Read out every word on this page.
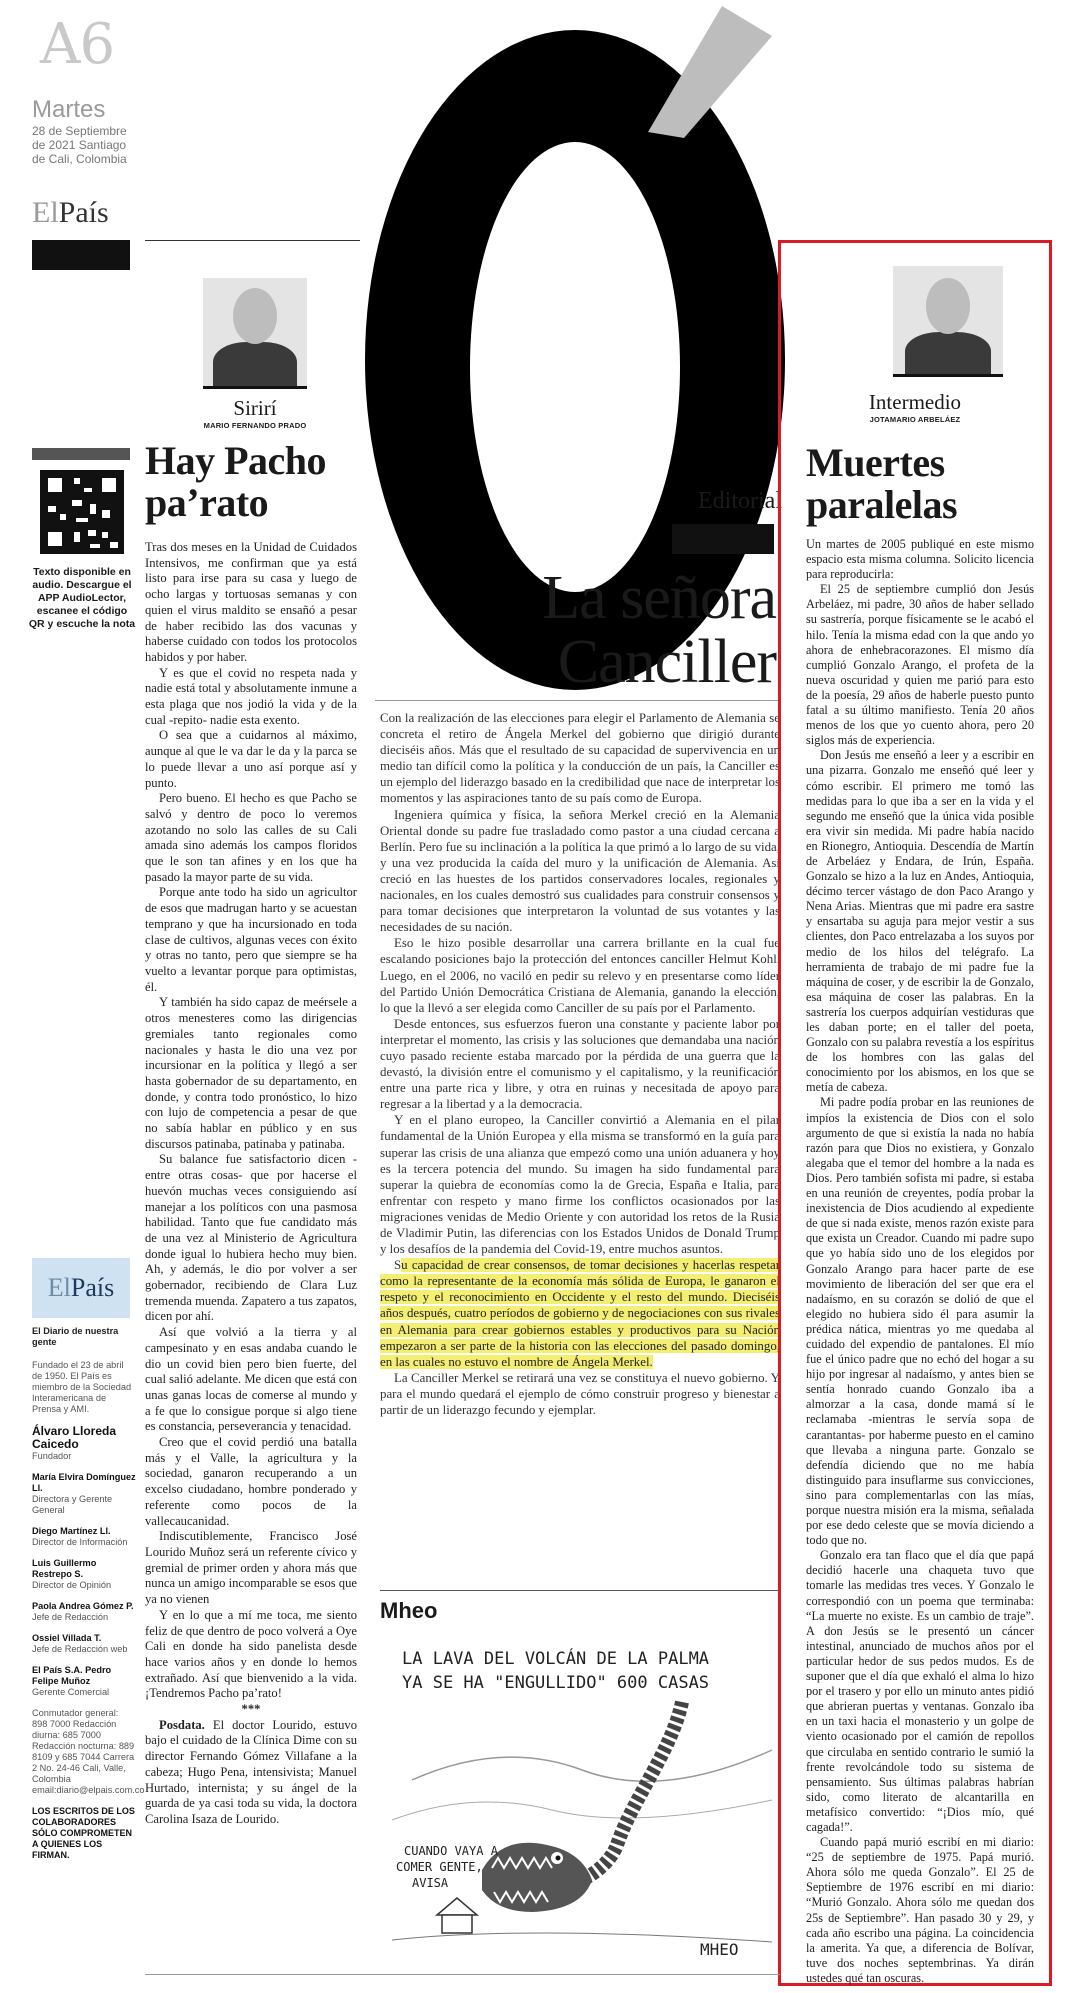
A6
Martes
28 de Septiembre de 2021 Santiago de Cali, Colombia
ElPaís
Texto disponible en audio. Descargue el APP AudioLector, escanee el código QR y escuche la nota
El País
El Diario de nuestra gente
Fundado el 23 de abril de 1950. El País es miembro de la Sociedad Interamericana de Prensa y AMI.
Álvaro Lloreda Caicedo
Fundador
María Elvira Domínguez Ll.
Directora y Gerente General
Diego Martínez Ll.
Director de Información
Luis Guillermo Restrepo S.
Director de Opinión
Paola Andrea Gómez P.
Jefe de Redacción
Ossiel Villada T.
Jefe de Redacción web
El País S.A. Pedro Felipe Muñoz
Gerente Comercial
Conmutador general: 898 7000 Redacción diurna: 685 7000 Redacción nocturna: 889 8109 y 685 7044 Carrera 2 No. 24-46 Cali, Valle, Colombia email:diario@elpais.com.co
LOS ESCRITOS DE LOS COLABORADORES SÓLO COMPROMETEN A QUIENES LOS FIRMAN.
Sirirí
MARIO FERNANDO PRADO
Hay Pacho pa’rato

Tras dos meses en la Unidad de Cuidados Intensivos, me confirman que ya está listo para irse para su casa y luego de ocho largas y tortuosas semanas y con quien el virus maldito se ensañó a pesar de haber recibido las dos vacunas y haberse cuidado con todos los protocolos habidos y por haber.

Y es que el covid no respeta nada y nadie está total y absolutamente inmune a esta plaga que nos jodió la vida y de la cual -repito- nadie esta exento.

O sea que a cuidarnos al máximo, aunque al que le va dar le da y la parca se lo puede llevar a uno así porque así y punto.

Pero bueno. El hecho es que Pacho se salvó y dentro de poco lo veremos azotando no solo las calles de su Cali amada sino además los campos floridos que le son tan afines y en los que ha pasado la mayor parte de su vida.

Porque ante todo ha sido un agricultor de esos que madrugan harto y se acuestan temprano y que ha incursionado en toda clase de cultivos, algunas veces con éxito y otras no tanto, pero que siempre se ha vuelto a levantar porque para optimistas, él.

Y también ha sido capaz de meérsele a otros menesteres como las dirigencias gremiales tanto regionales como nacionales y hasta le dio una vez por incursionar en la política y llegó a ser hasta gobernador de su departamento, en donde, y contra todo pronóstico, lo hizo con lujo de competencia a pesar de que no sabía hablar en público y en sus discursos patinaba, patinaba y patinaba.

Su balance fue satisfactorio dicen -entre otras cosas- que por hacerse el huevón muchas veces consiguiendo así manejar a los políticos con una pasmosa habilidad. Tanto que fue candidato más de una vez al Ministerio de Agricultura donde igual lo hubiera hecho muy bien. Ah, y además, le dio por volver a ser gobernador, recibiendo de Clara Luz tremenda muenda. Zapatero a tus zapatos, dicen por ahí.

Así que volvió a la tierra y al campesinato y en esas andaba cuando le dio un covid bien pero bien fuerte, del cual salió adelante. Me dicen que está con unas ganas locas de comerse al mundo y a fe que lo consigue porque si algo tiene es constancia, perseverancia y tenacidad.

Creo que el covid perdió una batalla más y el Valle, la agricultura y la sociedad, ganaron recuperando a un excelso ciudadano, hombre ponderado y referente como pocos de la vallecaucanidad.

Indiscutiblemente, Francisco José Lourido Muñoz será un referente cívico y gremial de primer orden y ahora más que nunca un amigo incomparable se esos que ya no vienen

Y en lo que a mí me toca, me siento feliz de que dentro de poco volverá a Oye Cali en donde ha sido panelista desde hace varios años y en donde lo hemos extrañado. Así que bienvenido a la vida. ¡Tendremos Pacho pa’rato!

***

Posdata. El doctor Lourido, estuvo bajo el cuidado de la Clínica Dime con su director Fernando Gómez Villafane a la cabeza; Hugo Pena, intensivista; Manuel Hurtado, internista; y su ángel de la guarda de ya casi toda su vida, la doctora Carolina Isaza de Lourido.

Editorial
La señora
Canciller

Con la realización de las elecciones para elegir el Parlamento de Alemania se concreta el retiro de Ángela Merkel del gobierno que dirigió durante dieciséis años. Más que el resultado de su capacidad de supervivencia en un medio tan difícil como la política y la conducción de un país, la Canciller es un ejemplo del liderazgo basado en la credibilidad que nace de interpretar los momentos y las aspiraciones tanto de su país como de Europa.

Ingeniera química y física, la señora Merkel creció en la Alemania Oriental donde su padre fue trasladado como pastor a una ciudad cercana a Berlín. Pero fue su inclinación a la política la que primó a lo largo de su vida, y una vez producida la caída del muro y la unificación de Alemania. Así creció en las huestes de los partidos conservadores locales, regionales y nacionales, en los cuales demostró sus cualidades para construir consensos y para tomar decisiones que interpretaron la voluntad de sus votantes y las necesidades de su nación.

Eso le hizo posible desarrollar una carrera brillante en la cual fue escalando posiciones bajo la protección del entonces canciller Helmut Kohl. Luego, en el 2006, no vaciló en pedir su relevo y en presentarse como líder del Partido Unión Democrática Cristiana de Alemania, ganando la elección, lo que la llevó a ser elegida como Canciller de su país por el Parlamento.

Desde entonces, sus esfuerzos fueron una constante y paciente labor por interpretar el momento, las crisis y las soluciones que demandaba una nación cuyo pasado reciente estaba marcado por la pérdida de una guerra que la devastó, la división entre el comunismo y el capitalismo, y la reunificación entre una parte rica y libre, y otra en ruinas y necesitada de apoyo para regresar a la libertad y a la democracia.

Y en el plano europeo, la Canciller convirtió a Alemania en el pilar fundamental de la Unión Europea y ella misma se transformó en la guía para superar las crisis de una alianza que empezó como una unión aduanera y hoy es la tercera potencia del mundo. Su imagen ha sido fundamental para superar la quiebra de economías como la de Grecia, España e Italia, para enfrentar con respeto y mano firme los conflictos ocasionados por las migraciones venidas de Medio Oriente y con autoridad los retos de la Rusia de Vladimir Putin, las diferencias con los Estados Unidos de Donald Trump y los desafíos de la pandemia del Covid-19, entre muchos asuntos.

Su capacidad de crear consensos, de tomar decisiones y hacerlas respetar como la representante de la economía más sólida de Europa, le ganaron el respeto y el reconocimiento en Occidente y el resto del mundo. Dieciséis años después, cuatro períodos de gobierno y de negociaciones con sus rivales en Alemania para crear gobiernos estables y productivos para su Nación empezaron a ser parte de la historia con las elecciones del pasado domingo, en las cuales no estuvo el nombre de Ángela Merkel.

La Canciller Merkel se retirará una vez se constituya el nuevo gobierno. Y para el mundo quedará el ejemplo de cómo construir progreso y bienestar a partir de un liderazgo fecundo y ejemplar.

Mheo
LA LAVA DEL VOLCÁN DE LA PALMA
YA SE HA "ENGULLIDO" 600 CASAS
CUANDO VAYA A
COMER GENTE,
AVISA
MHEO
Intermedio
JOTAMARIO ARBELÁEZ
Muertes paralelas

Un martes de 2005 publiqué en este mismo espacio esta misma columna. Solicito licencia para reproducirla:

El 25 de septiembre cumplió don Jesús Arbeláez, mi padre, 30 años de haber sellado su sastrería, porque físicamente se le acabó el hilo. Tenía la misma edad con la que ando yo ahora de enhebracorazones. El mismo día cumplió Gonzalo Arango, el profeta de la nueva oscuridad y quien me parió para esto de la poesía, 29 años de haberle puesto punto fatal a su último manifiesto. Tenía 20 años menos de los que yo cuento ahora, pero 20 siglos más de experiencia.

Don Jesús me enseñó a leer y a escribir en una pizarra. Gonzalo me enseñó qué leer y cómo escribir. El primero me tomó las medidas para lo que iba a ser en la vida y el segundo me enseñó que la única vida posible era vivir sin medida. Mi padre había nacido en Rionegro, Antioquia. Descendía de Martín de Arbeláez y Endara, de Irún, España. Gonzalo se hizo a la luz en Andes, Antioquia, décimo tercer vástago de don Paco Arango y Nena Arias. Mientras que mi padre era sastre y ensartaba su aguja para mejor vestir a sus clientes, don Paco entrelazaba a los suyos por medio de los hilos del telégrafo. La herramienta de trabajo de mi padre fue la máquina de coser, y de escribir la de Gonzalo, esa máquina de coser las palabras. En la sastrería los cuerpos adquirían vestiduras que les daban porte; en el taller del poeta, Gonzalo con su palabra revestía a los espíritus de los hombres con las galas del conocimiento por los abismos, en los que se metía de cabeza.

Mi padre podía probar en las reuniones de impíos la existencia de Dios con el solo argumento de que si existía la nada no había razón para que Dios no existiera, y Gonzalo alegaba que el temor del hombre a la nada es Dios. Pero también sofista mi padre, si estaba en una reunión de creyentes, podía probar la inexistencia de Dios acudiendo al expediente de que si nada existe, menos razón existe para que exista un Creador. Cuando mi padre supo que yo había sido uno de los elegidos por Gonzalo Arango para hacer parte de ese movimiento de liberación del ser que era el nadaísmo, en su corazón se dolió de que el elegido no hubiera sido él para asumir la prédica nática, mientras yo me quedaba al cuidado del expendio de pantalones. El mío fue el único padre que no echó del hogar a su hijo por ingresar al nadaísmo, y antes bien se sentía honrado cuando Gonzalo iba a almorzar a la casa, donde mamá sí le reclamaba -mientras le servía sopa de carantantas- por haberme puesto en el camino que llevaba a ninguna parte. Gonzalo se defendía diciendo que no me había distinguido para insuflarme sus convicciones, sino para complementarlas con las mías, porque nuestra misión era la misma, señalada por ese dedo celeste que se movía diciendo a todo que no.

Gonzalo era tan flaco que el día que papá decidió hacerle una chaqueta tuvo que tomarle las medidas tres veces. Y Gonzalo le correspondió con un poema que terminaba: “La muerte no existe. Es un cambio de traje”. A don Jesús se le presentó un cáncer intestinal, anunciado de muchos años por el particular hedor de sus pedos mudos. Es de suponer que el día que exhaló el alma lo hizo por el trasero y por ello un minuto antes pidió que abrieran puertas y ventanas. Gonzalo iba en un taxi hacia el monasterio y un golpe de viento ocasionado por el camión de repollos que circulaba en sentido contrario le sumió la frente revolcándole todo su sistema de pensamiento. Sus últimas palabras habrían sido, como literato de alcantarilla en metafísico convertido: “¡Dios mío, qué cagada!”.

Cuando papá murió escribí en mi diario: “25 de septiembre de 1975. Papá murió. Ahora sólo me queda Gonzalo”. El 25 de Septiembre de 1976 escribí en mi diario: “Murió Gonzalo. Ahora sólo me quedan dos 25s de Septiembre”. Han pasado 30 y 29, y cada año escribo una página. La coincidencia la amerita. Ya que, a diferencia de Bolívar, tuve dos noches septembrinas. Ya dirán ustedes qué tan oscuras.
